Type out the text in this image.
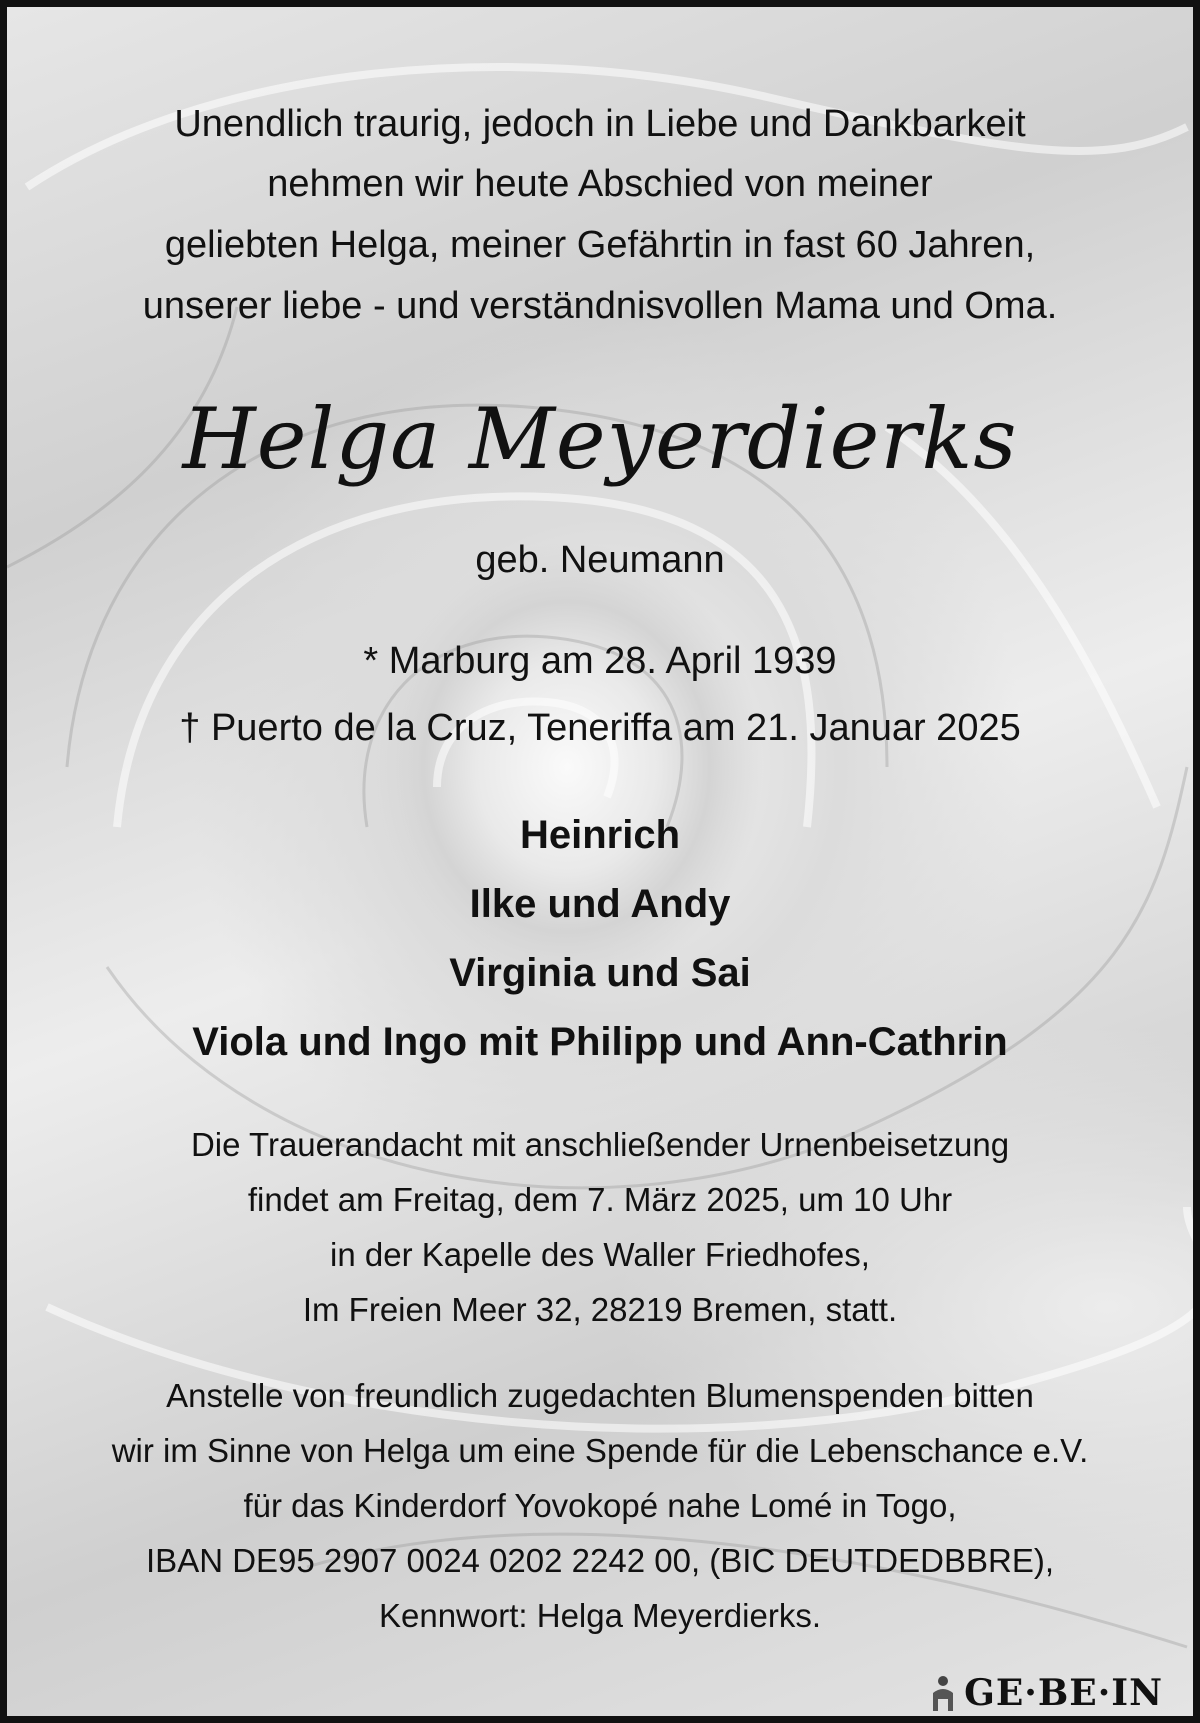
Unendlich traurig, jedoch in Liebe und Dankbarkeit
nehmen wir heute Abschied von meiner
geliebten Helga, meiner Gefährtin in fast 60 Jahren,
unserer liebe - und verständnisvollen Mama und Oma.
Helga Meyerdierks
geb. Neumann
* Marburg am 28. April 1939
† Puerto de la Cruz, Teneriffa am 21. Januar 2025
Heinrich
Ilke und Andy
Virginia und Sai
Viola und Ingo mit Philipp und Ann-Cathrin
Die Trauerandacht mit anschließender Urnenbeisetzung
findet am Freitag, dem 7. März 2025, um 10 Uhr
in der Kapelle des Waller Friedhofes,
Im Freien Meer 32, 28219 Bremen, statt.
Anstelle von freundlich zugedachten Blumenspenden bitten
wir im Sinne von Helga um eine Spende für die Lebenschance e.V.
für das Kinderdorf Yovokopé nahe Lomé in Togo,
IBAN DE95 2907 0024 0202 2242 00, (BIC DEUTDEDBBRE),
Kennwort: Helga Meyerdierks.
GE·BE·IN
